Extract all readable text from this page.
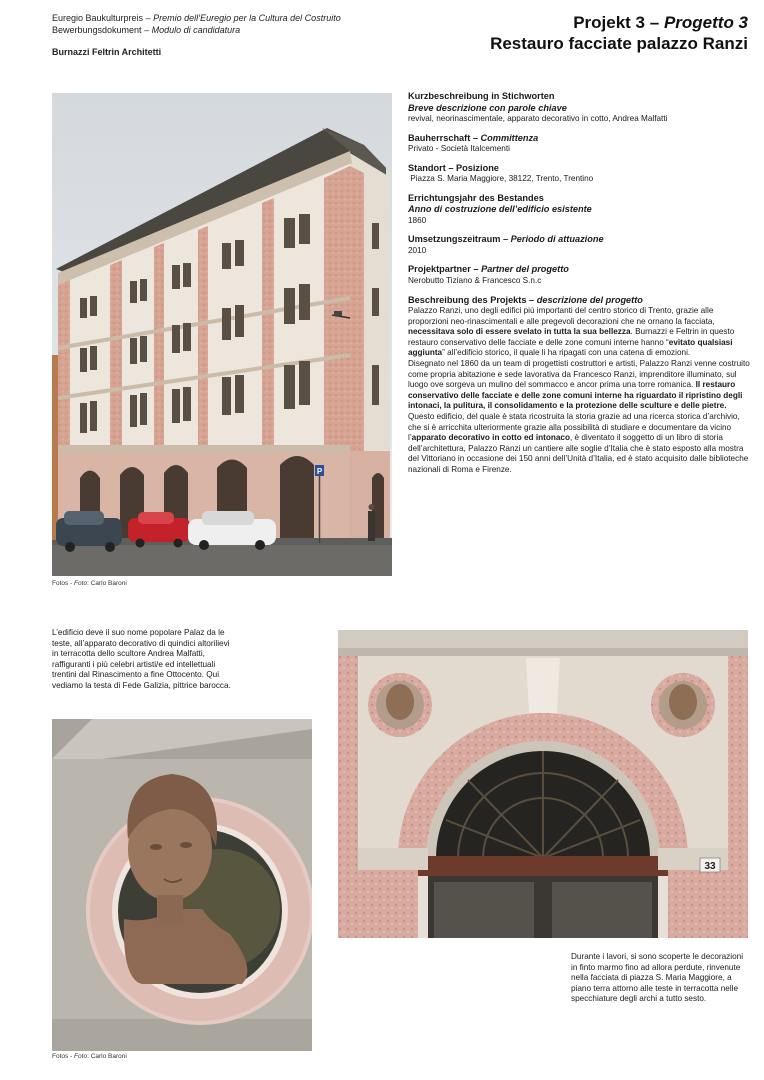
Euregio Baukulturpreis – Premio dell’Euregio per la Cultura del Costruito
Bewerbungsdokument – Modulo di candidatura
Burnazzi Feltrin Architetti
Projekt 3 – Progetto 3
Restauro facciate palazzo Ranzi
P
Fotos - Foto: Carlo Baroni
Kurzbeschreibung in Stichworten
Breve descrizione con parole chiave
revival, neorinascimentale, apparato decorativo in cotto, Andrea Malfatti
Bauherrschaft – Committenza
Privato - Società Italcementi
Standort – Posizione
Piazza S. Maria Maggiore, 38122, Trento, Trentino
Errichtungsjahr des Bestandes
Anno di costruzione dell’edificio esistente
1860
Umsetzungszeitraum – Periodo di attuazione
2010
Projektpartner – Partner del progetto
Nerobutto Tiziano & Francesco S.n.c
Beschreibung des Projekts – descrizione del progetto

Palazzo Ranzi, uno degli edifici più importanti del centro storico di Trento, grazie alle proporzioni neo-rinascimentali e alle pregevoli decorazioni che ne ornano la facciata, necessitava solo di essere svelato in tutta la sua bellezza. Burnazzi e Feltrin in questo restauro conservativo delle facciate e delle zone comuni interne hanno “evitato qualsiasi aggiunta” all’edificio storico, il quale li ha ripagati con una catena di emozioni.

Disegnato nel 1860 da un team di progettisti costruttori e artisti, Palazzo Ranzi venne costruito come propria abitazione e sede lavorativa da Francesco Ranzi, imprenditore illuminato, sul luogo ove sorgeva un mulino del sommacco e ancor prima una torre romanica. Il restauro conservativo delle facciate e delle zone comuni interne ha riguardato il ripristino degli intonaci, la pulitura, il consolidamento e la protezione delle sculture e delle pietre.

Questo edificio, del quale è stata ricostruita la storia grazie ad una ricerca storica d’archivio, che si è arricchita ulteriormente grazie alla possibilità di studiare e documentare da vicino l’apparato decorativo in cotto ed intonaco, è diventato il soggetto di un libro di storia dell’architettura, Palazzo Ranzi un cantiere alle soglie d’Italia che è stato esposto alla mostra del Vittoriano in occasione dei 150 anni dell’Unità d’Italia, ed è stato acquisito dalle biblioteche nazionali di Roma e Firenze.

L’edificio deve il suo nome popolare Palaz da le teste, all’apparato decorativo di quindici altorilievi in terracotta dello scultore Andrea Malfatti, raffiguranti i più celebri artisti/e ed intellettuali trentini dal Rinascimento a fine Ottocento. Qui vediamo la testa di Fede Galizia, pittrice barocca.
Fotos - Foto: Carlo Baroni
33
Durante i lavori, si sono scoperte le decorazioni in finto marmo fino ad allora perdute, rinvenute nella facciata di piazza S. Maria Maggiore, a piano terra attorno alle teste in terracotta nelle specchiature degli archi a tutto sesto.
